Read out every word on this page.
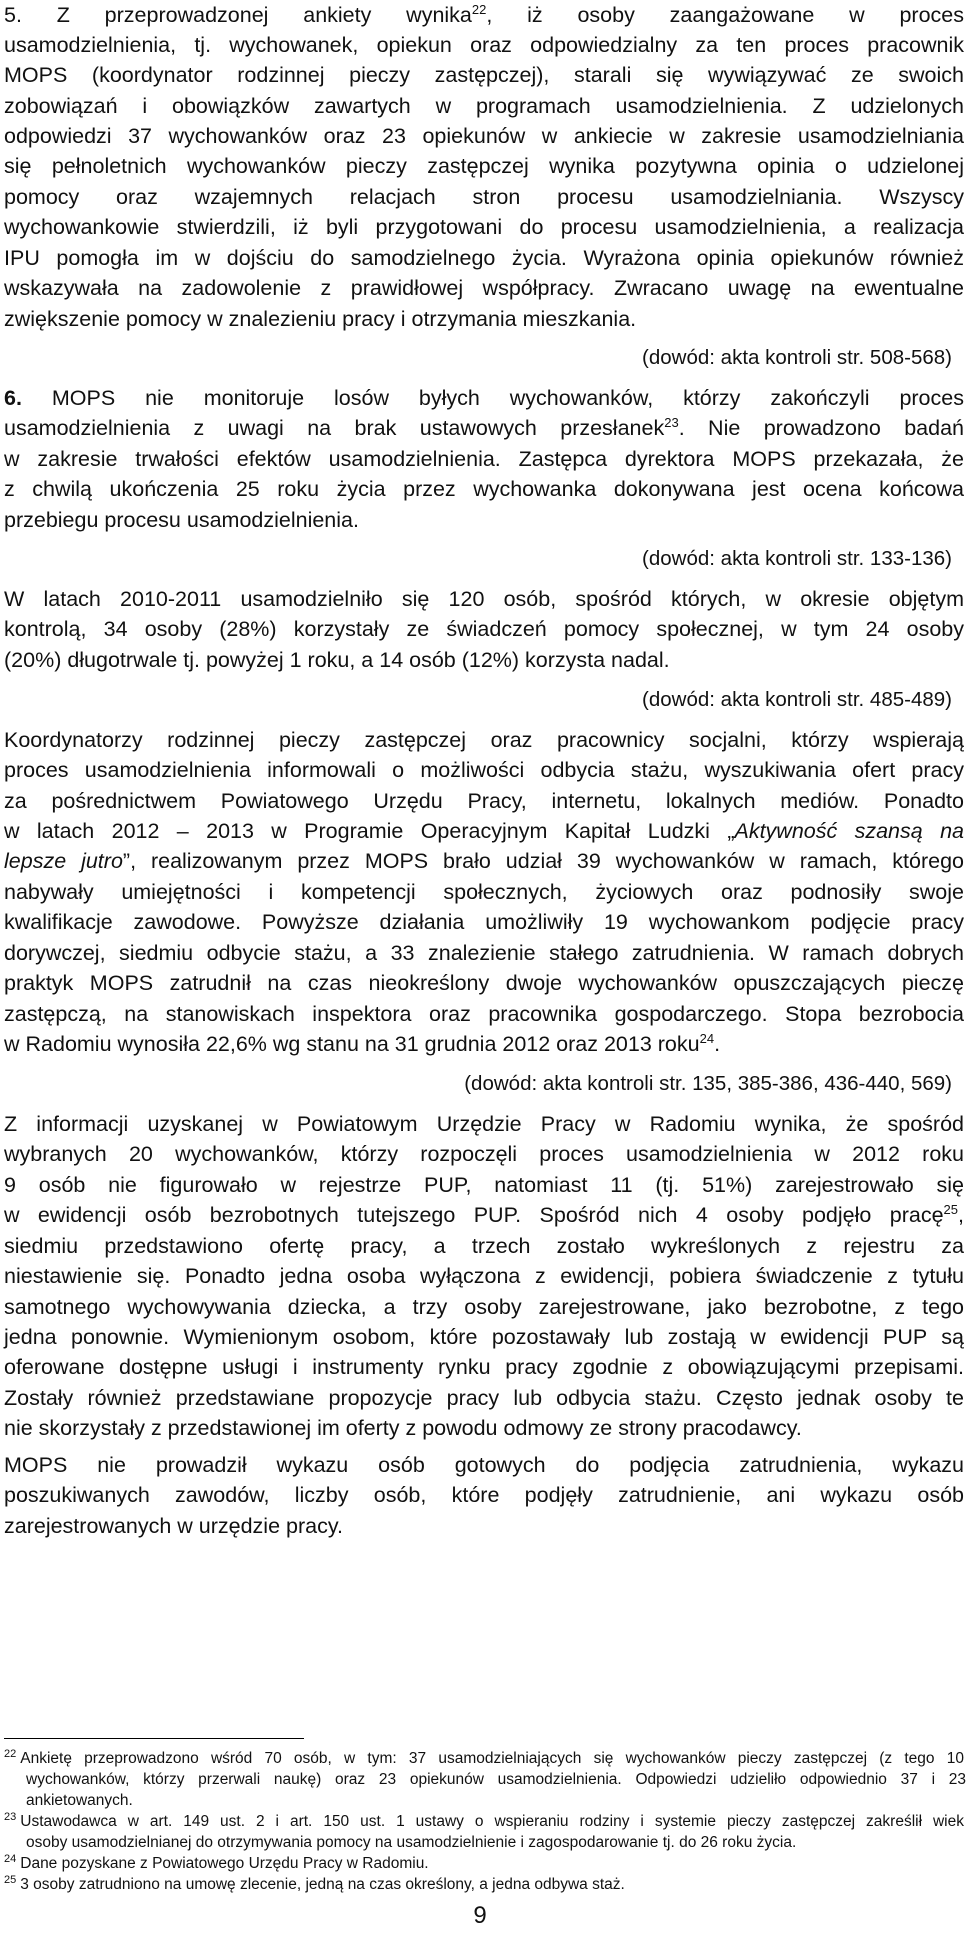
5. Z przeprowadzonej ankiety wynika$^{22}$, iż osoby zaangażowane w proces
usamodzielnienia, tj. wychowanek, opiekun oraz odpowiedzialny za ten proces pracownik
MOPS (koordynator rodzinnej pieczy zastępczej), starali się wywiązywać ze swoich
zobowiązań i obowiązków zawartych w programach usamodzielnienia. Z udzielonych
odpowiedzi 37 wychowanków oraz 23 opiekunów w ankiecie w zakresie usamodzielniania
się pełnoletnich wychowanków pieczy zastępczej wynika pozytywna opinia o udzielonej
pomocy oraz wzajemnych relacjach stron procesu usamodzielniania. Wszyscy
wychowankowie stwierdzili, iż byli przygotowani do procesu usamodzielnienia, a realizacja
IPU pomogła im w dojściu do samodzielnego życia. Wyrażona opinia opiekunów również
wskazywała na zadowolenie z prawidłowej współpracy. Zwracano uwagę na ewentualne
zwiększenie pomocy w znalezieniu pracy i otrzymania mieszkania.
(dowód: akta kontroli str. 508-568)
6. MOPS nie monitoruje losów byłych wychowanków, którzy zakończyli proces
usamodzielnienia z uwagi na brak ustawowych przesłanek$^{23}$. Nie prowadzono badań
w zakresie trwałości efektów usamodzielnienia. Zastępca dyrektora MOPS przekazała, że
z chwilą ukończenia 25 roku życia przez wychowanka dokonywana jest ocena końcowa
przebiegu procesu usamodzielnienia.
(dowód: akta kontroli str. 133-136)
W latach 2010-2011 usamodzielniło się 120 osób, spośród których, w okresie objętym
kontrolą, 34 osoby (28%) korzystały ze świadczeń pomocy społecznej, w tym 24 osoby
(20%) długotrwale tj. powyżej 1 roku, a 14 osób (12%) korzysta nadal.
(dowód: akta kontroli str. 485-489)
Koordynatorzy rodzinnej pieczy zastępczej oraz pracownicy socjalni, którzy wspierają
proces usamodzielnienia informowali o możliwości odbycia stażu, wyszukiwania ofert pracy
za pośrednictwem Powiatowego Urzędu Pracy, internetu, lokalnych mediów. Ponadto
w latach 2012 – 2013 w Programie Operacyjnym Kapitał Ludzki „Aktywność szansą na
lepsze jutro”, realizowanym przez MOPS brało udział 39 wychowanków w ramach, którego
nabywały umiejętności i kompetencji społecznych, życiowych oraz podnosiły swoje
kwalifikacje zawodowe. Powyższe działania umożliwiły 19 wychowankom podjęcie pracy
dorywczej, siedmiu odbycie stażu, a 33 znalezienie stałego zatrudnienia. W ramach dobrych
praktyk MOPS zatrudnił na czas nieokreślony dwoje wychowanków opuszczających pieczę
zastępczą, na stanowiskach inspektora oraz pracownika gospodarczego. Stopa bezrobocia
w Radomiu wynosiła 22,6% wg stanu na 31 grudnia 2012 oraz 2013 roku$^{24}$.
(dowód: akta kontroli str. 135, 385-386, 436-440, 569)
Z informacji uzyskanej w Powiatowym Urzędzie Pracy w Radomiu wynika, że spośród
wybranych 20 wychowanków, którzy rozpoczęli proces usamodzielnienia w 2012 roku
9 osób nie figurowało w rejestrze PUP, natomiast 11 (tj. 51%) zarejestrowało się
w ewidencji osób bezrobotnych tutejszego PUP. Spośród nich 4 osoby podjęło pracę$^{25}$,
siedmiu przedstawiono ofertę pracy, a trzech zostało wykreślonych z rejestru za
niestawienie się. Ponadto jedna osoba wyłączona z ewidencji, pobiera świadczenie z tytułu
samotnego wychowywania dziecka, a trzy osoby zarejestrowane, jako bezrobotne, z tego
jedna ponownie. Wymienionym osobom, które pozostawały lub zostają w ewidencji PUP są
oferowane dostępne usługi i instrumenty rynku pracy zgodnie z obowiązującymi przepisami.
Zostały również przedstawiane propozycje pracy lub odbycia stażu. Często jednak osoby te
nie skorzystały z przedstawionej im oferty z powodu odmowy ze strony pracodawcy.
MOPS nie prowadził wykazu osób gotowych do podjęcia zatrudnienia, wykazu
poszukiwanych zawodów, liczby osób, które podjęły zatrudnienie, ani wykazu osób
zarejestrowanych w urzędzie pracy.
$^{22}$ Ankietę przeprowadzono wśród 70 osób, w tym: 37 usamodzielniających się wychowanków pieczy zastępczej (z tego 10
wychowanków, którzy przerwali naukę) oraz 23 opiekunów usamodzielnienia. Odpowiedzi udzieliło odpowiednio 37 i 23
ankietowanych.
9
$^{23}$ Ustawodawca w art. 149 ust. 2 i art. 150 ust. 1 ustawy o wspieraniu rodziny i systemie pieczy zastępczej zakreślił wiek
osoby usamodzielnianej do otrzymywania pomocy na usamodzielnienie i zagospodarowanie tj. do 26 roku życia.
$^{24}$ Dane pozyskane z Powiatowego Urzędu Pracy w Radomiu.
$^{25}$ 3 osoby zatrudniono na umowę zlecenie, jedną na czas określony, a jedna odbywa staż.
